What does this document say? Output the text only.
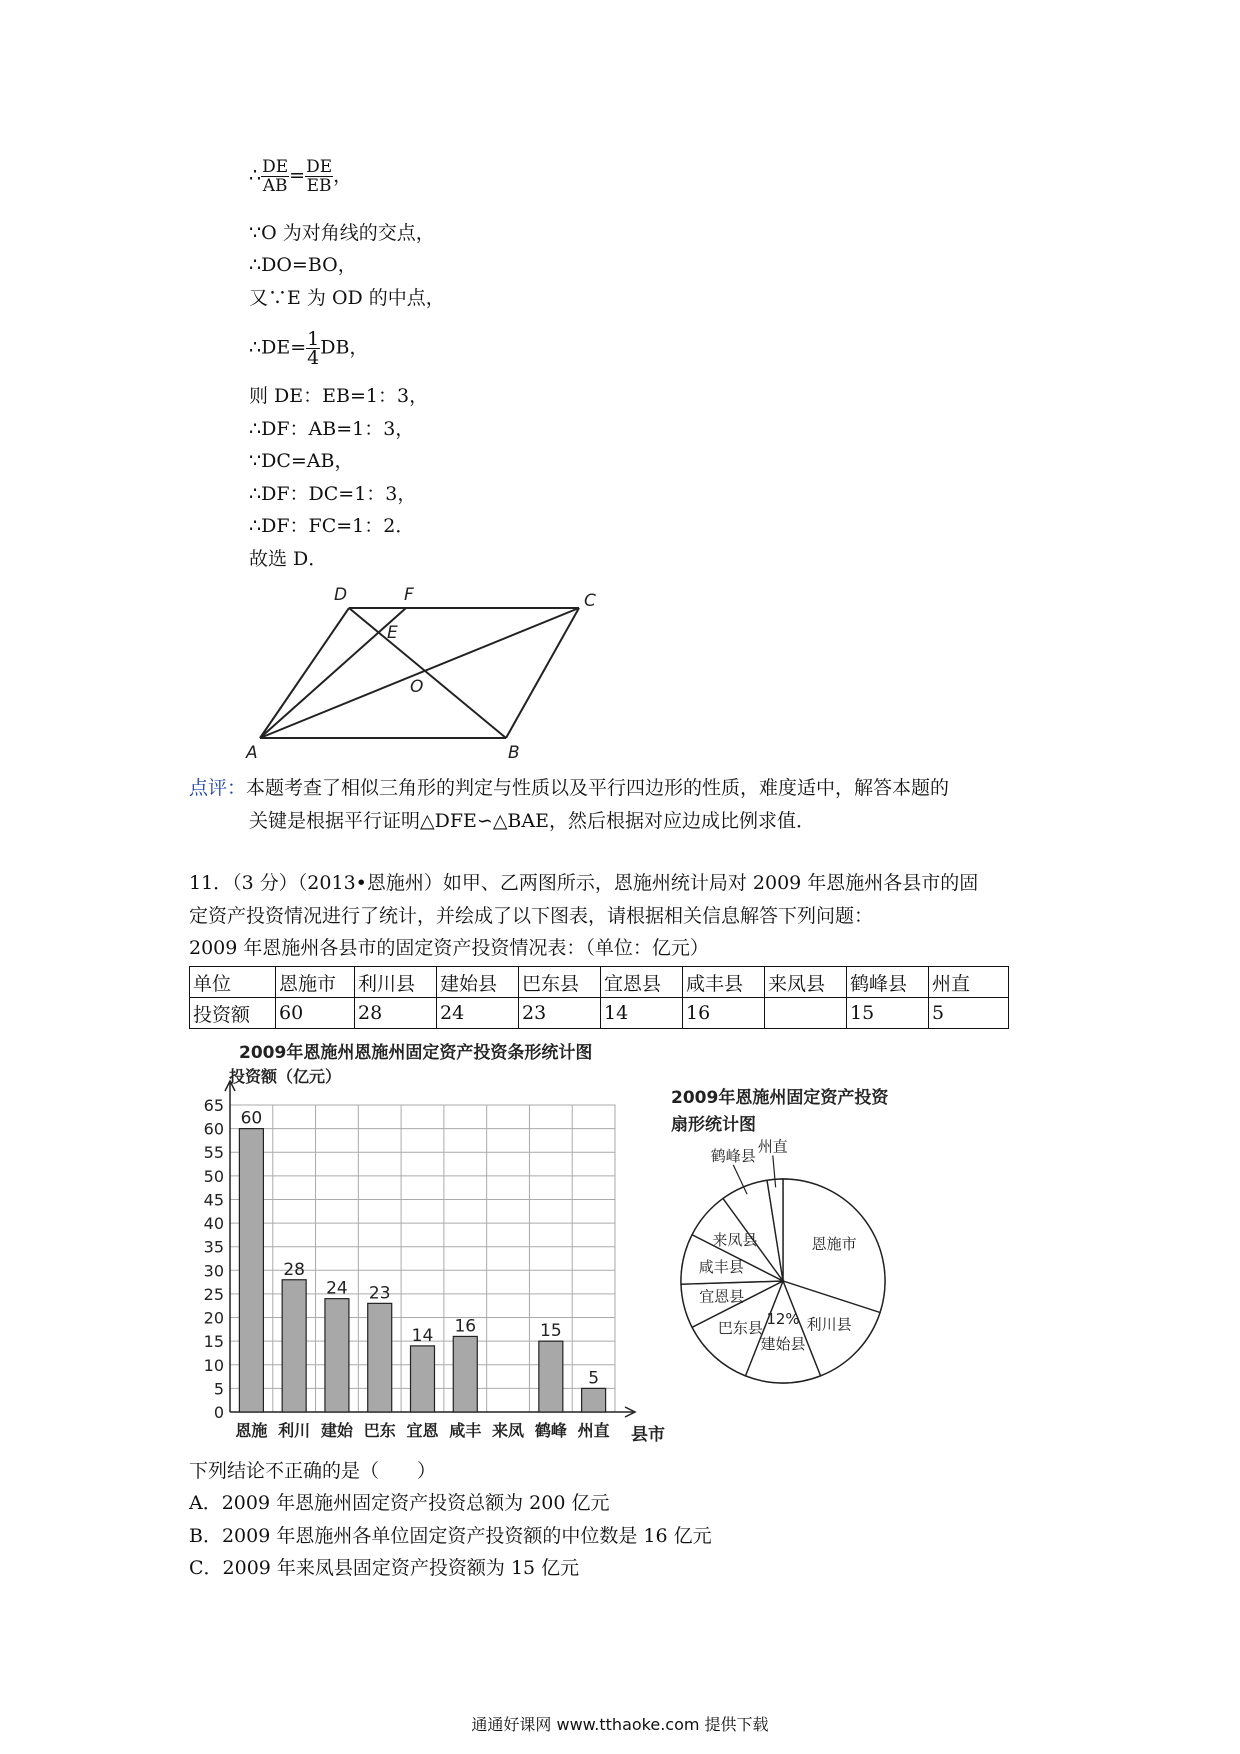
∴ $\frac{DE}{AB} = \frac{DE}{EB}$ ，
∵O 为对角线的交点，
∴DO=BO，
又∵E 为 OD 的中点，
∴DE= $\frac{1}{4}$ DB，
则 DE：EB=1：3，
∴DF：AB=1：3，
∵DC=AB，
∴DF：DC=1：3，
∴DF：FC=1：2．
故选 D．
A	B
C
D	F
E
O
点评：本题考查了相似三角形的判定与性质以及平行四边形的性质，难度适中，解答本题的
关键是根据平行证明△DFE∽△BAE，然后根据对应边成比例求值．
11．（3 分）（2013•恩施州）如甲、乙两图所示，恩施州统计局对 2009 年恩施州各县市的固
定资产投资情况进行了统计，并绘成了以下图表，请根据相关信息解答下列问题：
2009 年恩施州各县市的固定资产投资情况表：（单位：亿元）
单位	恩施市	利川县	建始县	巴东县	宜恩县	咸丰县	来凤县	鹤峰县	州直
投资额	60	28	24	23	14	16		15	5
2009年恩施州恩施州固定资产投资条形统计图
投资额（亿元）
60
28
24 23
14 16	15
5
0
5
10
15
20
25
30
35
40
45
50
55
60
65
恩施 利川 建始 巴东 宜恩 咸丰 来凤 鹤峰 州直 县市
2009年恩施州固定资产投资
扇形统计图
恩施市
利川县
建始县
巴东县
宜恩县
咸丰县
来凤县
鹤峰县
州直
12%
下列结论不正确的是（　　）
A．2009 年恩施州固定资产投资总额为 200 亿元
B．2009 年恩施州各单位固定资产投资额的中位数是 16 亿元
C．2009 年来凤县固定资产投资额为 15 亿元
通通好课网 www.tthaoke.com 提供下载
